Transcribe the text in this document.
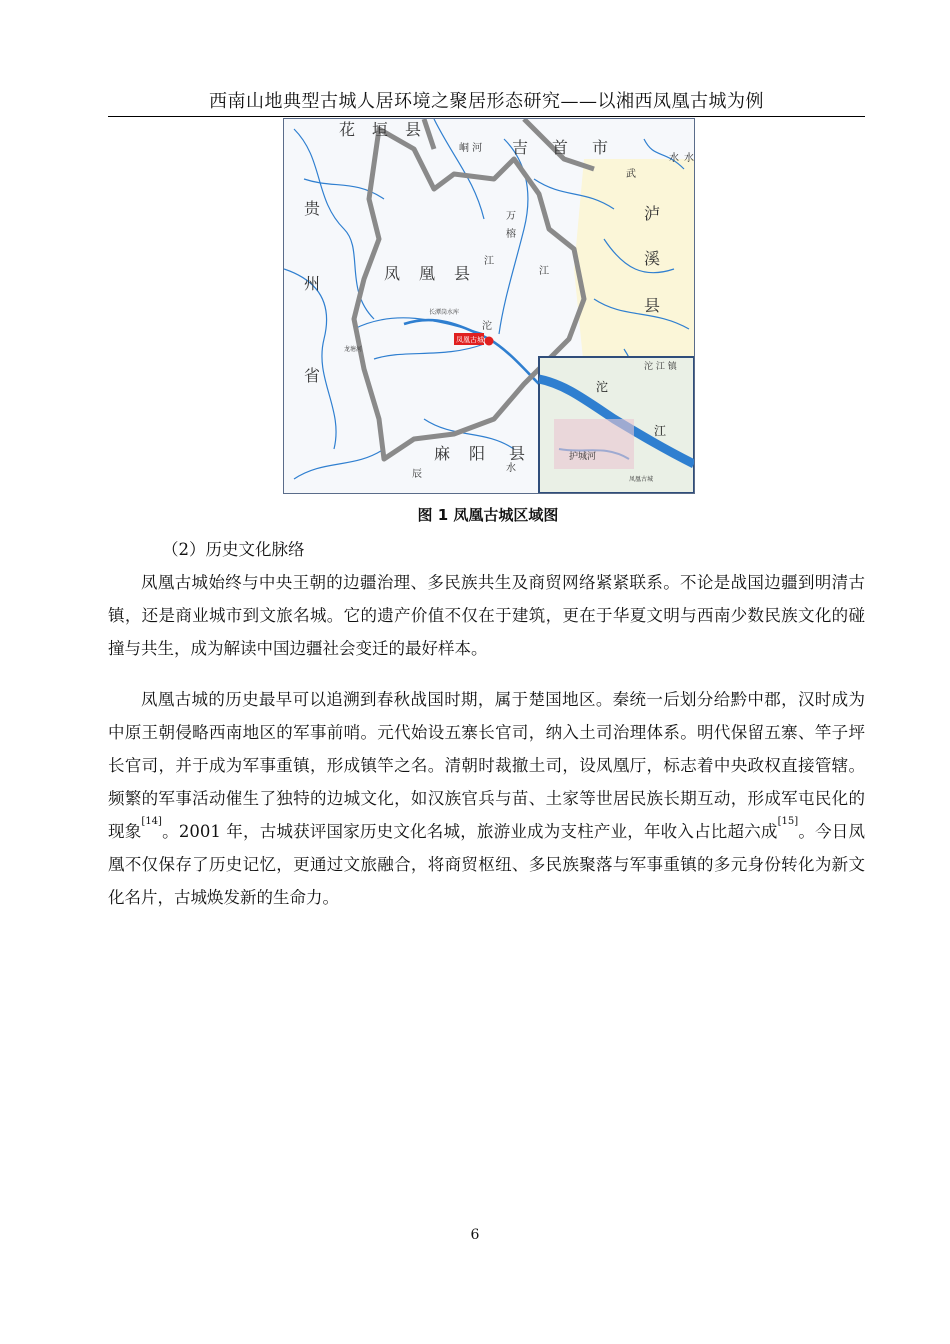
西南山地典型古城人居环境之聚居形态研究——以湘西凤凰古城为例
花 垣 县
吉 首 市
泸
溪
县
贵
州
省
凤 凰 县
麻 阳 县
峒 河
武
水
万
榕
江
江
沱
水
辰
水
长潭岗水库
龙塘河
凤凰古城
沱 江 镇
护城河
凤凰古城
沱
江
图 1 凤凰古城区域图
（2）历史文化脉络

凤凰古城始终与中央王朝的边疆治理、多民族共生及商贸网络紧紧联系。不论是战国边疆到明清古镇，还是商业城市到文旅名城。它的遗产价值不仅在于建筑，更在于华夏文明与西南少数民族文化的碰撞与共生，成为解读中国边疆社会变迁的最好样本。

凤凰古城的历史最早可以追溯到春秋战国时期，属于楚国地区。秦统一后划分给黔中郡，汉时成为中原王朝侵略西南地区的军事前哨。元代始设五寨长官司，纳入土司治理体系。明代保留五寨、竿子坪长官司，并于成为军事重镇，形成镇竿之名。清朝时裁撤土司，设凤凰厅，标志着中央政权直接管辖。频繁的军事活动催生了独特的边城文化，如汉族官兵与苗、土家等世居民族长期互动，形成军屯民化的现象[14]。2001 年，古城获评国家历史文化名城，旅游业成为支柱产业，年收入占比超六成[15]。今日凤凰不仅保存了历史记忆，更通过文旅融合，将商贸枢纽、多民族聚落与军事重镇的多元身份转化为新文化名片，古城焕发新的生命力。

6
